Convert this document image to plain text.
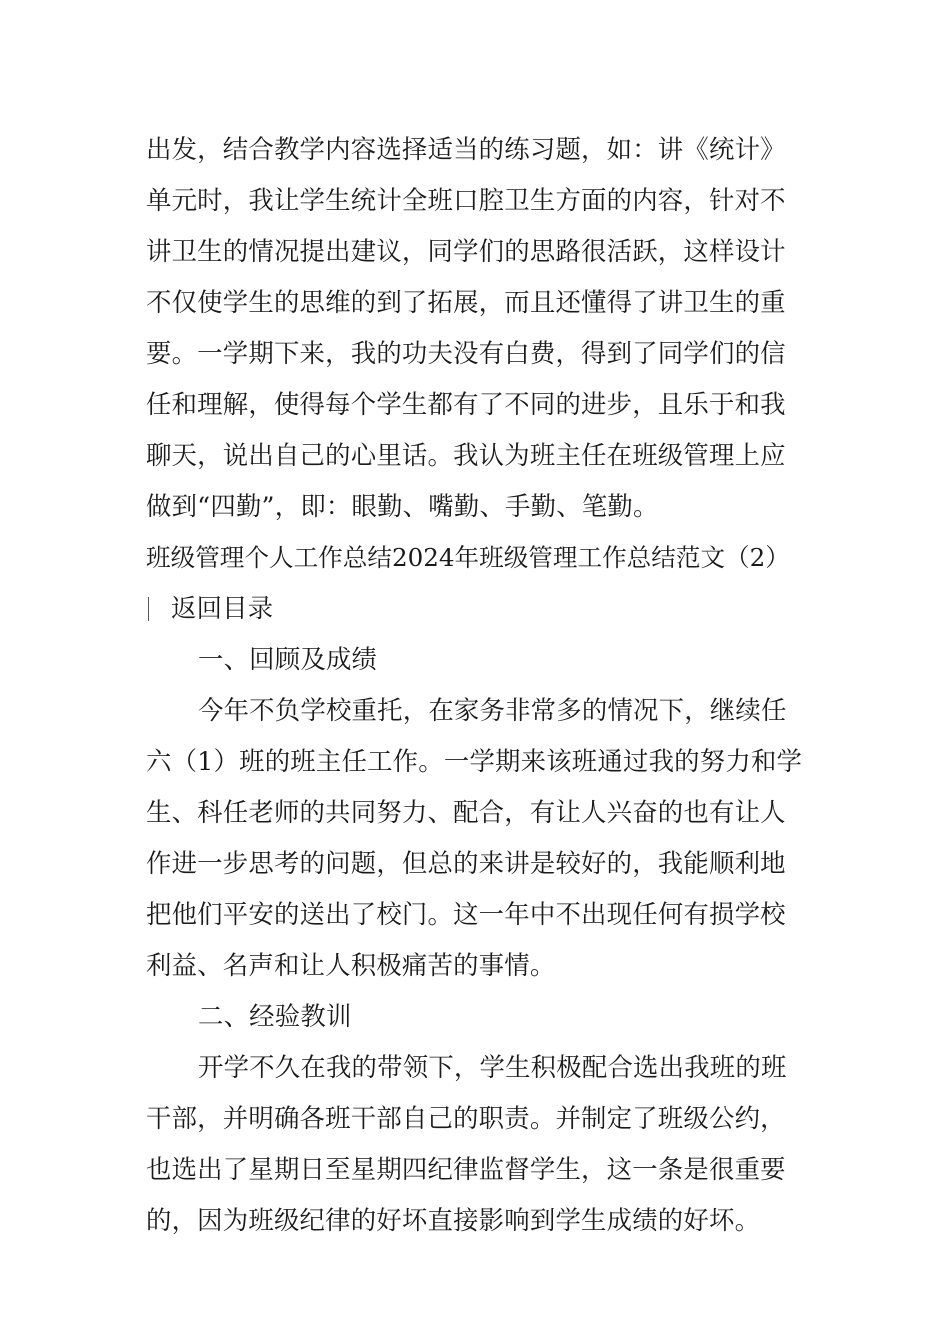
出发，结合教学内容选择适当的练习题，如：讲《统计》
单元时，我让学生统计全班口腔卫生方面的内容，针对不
讲卫生的情况提出建议，同学们的思路很活跃，这样设计
不仅使学生的思维的到了拓展，而且还懂得了讲卫生的重
要。一学期下来，我的功夫没有白费，得到了同学们的信
任和理解，使得每个学生都有了不同的进步，且乐于和我
聊天，说出自己的心里话。我认为班主任在班级管理上应
做到“四勤”，即：眼勤、嘴勤、手勤、笔勤。
班级管理个人工作总结2024年班级管理工作总结范文（2）
返回目录
一、回顾及成绩
今年不负学校重托，在家务非常多的情况下，继续任
六（1）班的班主任工作。一学期来该班通过我的努力和学
生、科任老师的共同努力、配合，有让人兴奋的也有让人
作进一步思考的问题，但总的来讲是较好的，我能顺利地
把他们平安的送出了校门。这一年中不出现任何有损学校
利益、名声和让人积极痛苦的事情。
二、经验教训
开学不久在我的带领下，学生积极配合选出我班的班
干部，并明确各班干部自己的职责。并制定了班级公约，
也选出了星期日至星期四纪律监督学生，这一条是很重要
的，因为班级纪律的好坏直接影响到学生成绩的好坏。
